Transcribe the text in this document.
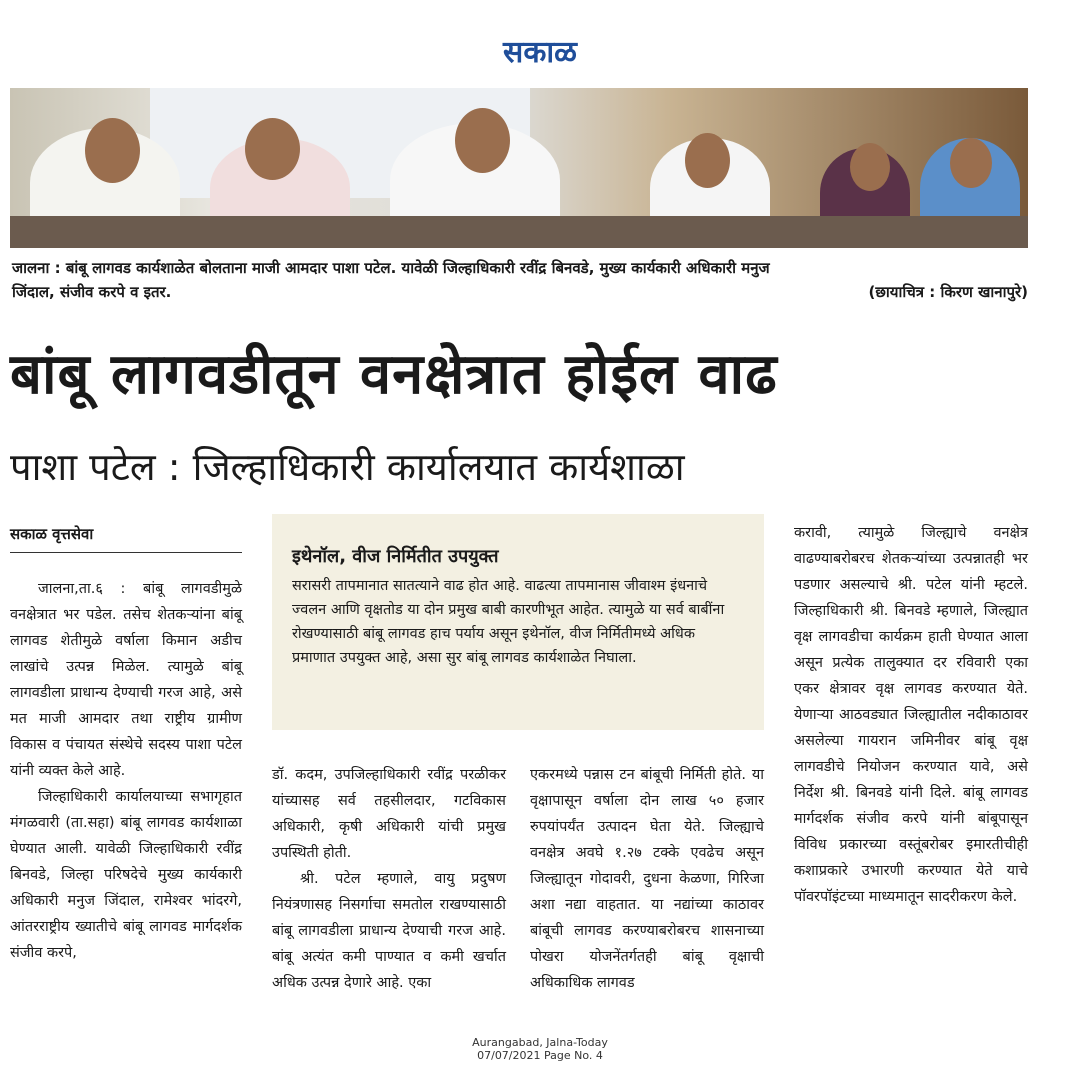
सकाळ
जालना : बांबू लागवड कार्यशाळेत बोलताना माजी आमदार पाशा पटेल. यावेळी जिल्हाधिकारी रवींद्र बिनवडे, मुख्य कार्यकारी अधिकारी मनुज
जिंदाल, संजीव करपे व इतर.	(छायाचित्र : किरण खानापुरे)
बांबू लागवडीतून वनक्षेत्रात होईल वाढ
पाशा पटेल : जिल्हाधिकारी कार्यालयात कार्यशाळा
सकाळ वृत्तसेवा

जालना,ता.६ : बांबू लागवडीमुळे वनक्षेत्रात भर पडेल. तसेच शेतकऱ्यांना बांबू लागवड शेतीमुळे वर्षाला किमान अडीच लाखांचे उत्पन्न मिळेल. त्यामुळे बांबू लागवडीला प्राधान्य देण्याची गरज आहे, असे मत माजी आमदार तथा राष्ट्रीय ग्रामीण विकास व पंचायत संस्थेचे सदस्य पाशा पटेल यांनी व्यक्त केले आहे.

जिल्हाधिकारी कार्यालयाच्या सभागृहात मंगळवारी (ता.सहा) बांबू लागवड कार्यशाळा घेण्यात आली. यावेळी जिल्हाधिकारी रवींद्र बिनवडे, जिल्हा परिषदेचे मुख्य कार्यकारी अधिकारी मनुज जिंदाल, रामेश्‍वर भांदरगे, आंतरराष्ट्रीय ख्यातीचे बांबू लागवड मार्गदर्शक संजीव करपे,

इथेनॉल, वीज निर्मितीत उपयुक्त
सरासरी तापमानात सातत्याने वाढ होत आहे. वाढत्या तापमानास जीवाश्म इंधनाचे ज्वलन आणि वृक्षतोड या दोन प्रमुख बाबी कारणीभूत आहेत. त्यामुळे या सर्व बाबींना रोखण्यासाठी बांबू लागवड हाच पर्याय असून इथेनॉल, वीज निर्मितीमध्ये अधिक प्रमाणात उपयुक्त आहे, असा सुर बांबू लागवड कार्यशाळेत निघाला.

डॉ. कदम, उपजिल्हाधिकारी रवींद्र परळीकर यांच्यासह सर्व तहसीलदार, गटविकास अधिकारी, कृषी अधिकारी यांची प्रमुख उपस्थिती होती.

श्री. पटेल म्हणाले, वायु प्रदुषण नियंत्रणासह निसर्गाचा समतोल राखण्यासाठी बांबू लागवडीला प्राधान्य देण्याची गरज आहे. बांबू अत्यंत कमी पाण्यात व कमी खर्चात अधिक उत्पन्न देणारे आहे. एका

एकरमध्ये पन्नास टन बांबूची निर्मिती होते. या वृक्षापासून वर्षाला दोन लाख ५० हजार रुपयांपर्यंत उत्पादन घेता येते. जिल्ह्याचे वनक्षेत्र अवघे १.२७ टक्के एवढेच असून जिल्ह्यातून गोदावरी, दुधना केळणा, गिरिजा अशा नद्या वाहतात. या नद्यांच्या काठावर बांबूची लागवड करण्याबरोबरच शासनाच्या पोखरा योजनेंतर्गतही बांबू वृक्षाची अधिकाधिक लागवड

करावी, त्यामुळे जिल्ह्याचे वनक्षेत्र वाढण्याबरोबरच शेतकऱ्यांच्या उत्पन्नातही भर पडणार असल्याचे श्री. पटेल यांनी म्हटले. जिल्हाधिकारी श्री. बिनवडे म्हणाले, जिल्ह्यात वृक्ष लागवडीचा कार्यक्रम हाती घेण्यात आला असून प्रत्येक तालुक्यात दर रविवारी एका एकर क्षेत्रावर वृक्ष लागवड करण्यात येते. येणाऱ्या आठवड्यात जिल्ह्यातील नदीकाठावर असलेल्या गायरान जमिनीवर बांबू वृक्ष लागवडीचे नियोजन करण्यात यावे, असे निर्देश श्री. बिनवडे यांनी दिले. बांबू लागवड मार्गदर्शक संजीव करपे यांनी बांबूपासून विविध प्रकारच्या वस्तूंबरोबर इमारतीचीही कशाप्रकारे उभारणी करण्यात येते याचे पॉवरपॉइंटच्या माध्यमातून सादरीकरण केले.

Aurangabad, Jalna-Today
07/07/2021 Page No. 4
